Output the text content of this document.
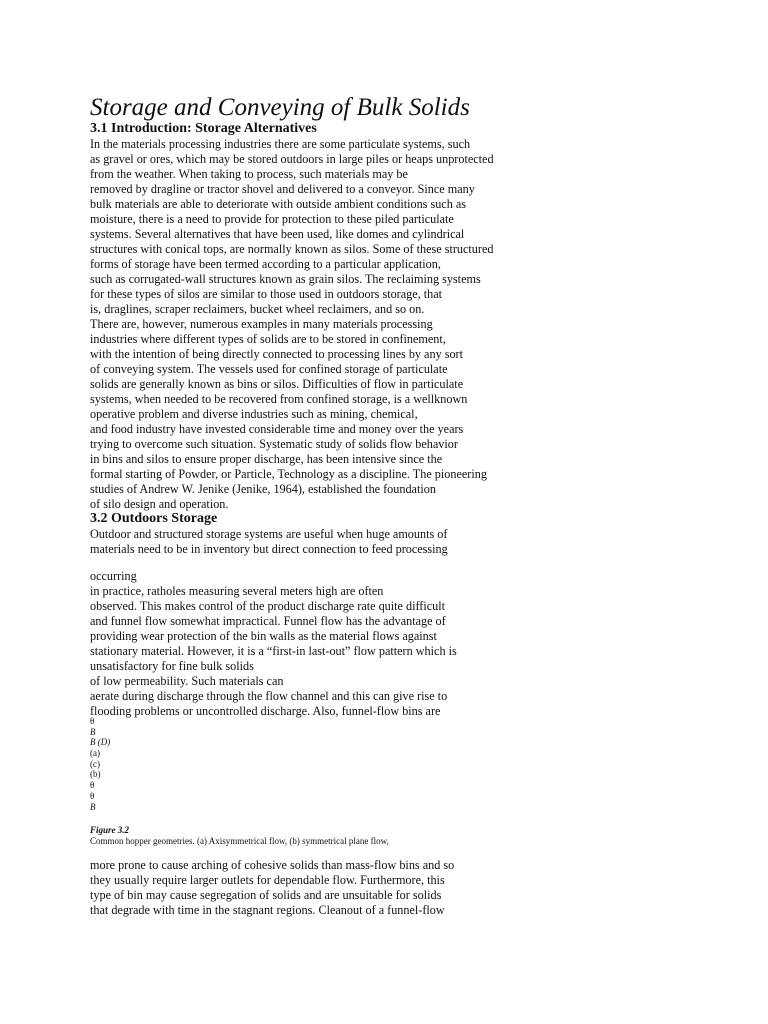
Storage and Conveying of Bulk Solids
3.1 Introduction: Storage Alternatives
In the materials processing industries there are some particulate systems, such
as gravel or ores, which may be stored outdoors in large piles or heaps unprotected
from the weather. When taking to process, such materials may be
removed by dragline or tractor shovel and delivered to a conveyor. Since many
bulk materials are able to deteriorate with outside ambient conditions such as
moisture, there is a need to provide for protection to these piled particulate
systems. Several alternatives that have been used, like domes and cylindrical
structures with conical tops, are normally known as silos. Some of these structured
forms of storage have been termed according to a particular application,
such as corrugated-wall structures known as grain silos. The reclaiming systems
for these types of silos are similar to those used in outdoors storage, that
is, draglines, scraper reclaimers, bucket wheel reclaimers, and so on.
There are, however, numerous examples in many materials processing
industries where different types of solids are to be stored in confinement,
with the intention of being directly connected to processing lines by any sort
of conveying system. The vessels used for confined storage of particulate
solids are generally known as bins or silos. Difficulties of flow in particulate
systems, when needed to be recovered from confined storage, is a wellknown
operative problem and diverse industries such as mining, chemical,
and food industry have invested considerable time and money over the years
trying to overcome such situation. Systematic study of solids flow behavior
in bins and silos to ensure proper discharge, has been intensive since the
formal starting of Powder, or Particle, Technology as a discipline. The pioneering
studies of Andrew W. Jenike (Jenike, 1964), established the foundation
of silo design and operation.
3.2 Outdoors Storage
Outdoor and structured storage systems are useful when huge amounts of
materials need to be in inventory but direct connection to feed processing
occurring
in practice, ratholes measuring several meters high are often
observed. This makes control of the product discharge rate quite difficult
and funnel flow somewhat impractical. Funnel flow has the advantage of
providing wear protection of the bin walls as the material flows against
stationary material. However, it is a “first-in last-out” flow pattern which is
unsatisfactory for fine bulk solids
of low permeability. Such materials can
aerate during discharge through the flow channel and this can give rise to
flooding problems or uncontrolled discharge. Also, funnel-flow bins are
θ
B
B (D)
(a)
(c)
(b)
θ
θ
B
Figure 3.2
Common hopper geometries. (a) Axisymmetrical flow, (b) symmetrical plane flow,
more prone to cause arching of cohesive solids than mass-flow bins and so
they usually require larger outlets for dependable flow. Furthermore, this
type of bin may cause segregation of solids and are unsuitable for solids
that degrade with time in the stagnant regions. Cleanout of a funnel-flow
